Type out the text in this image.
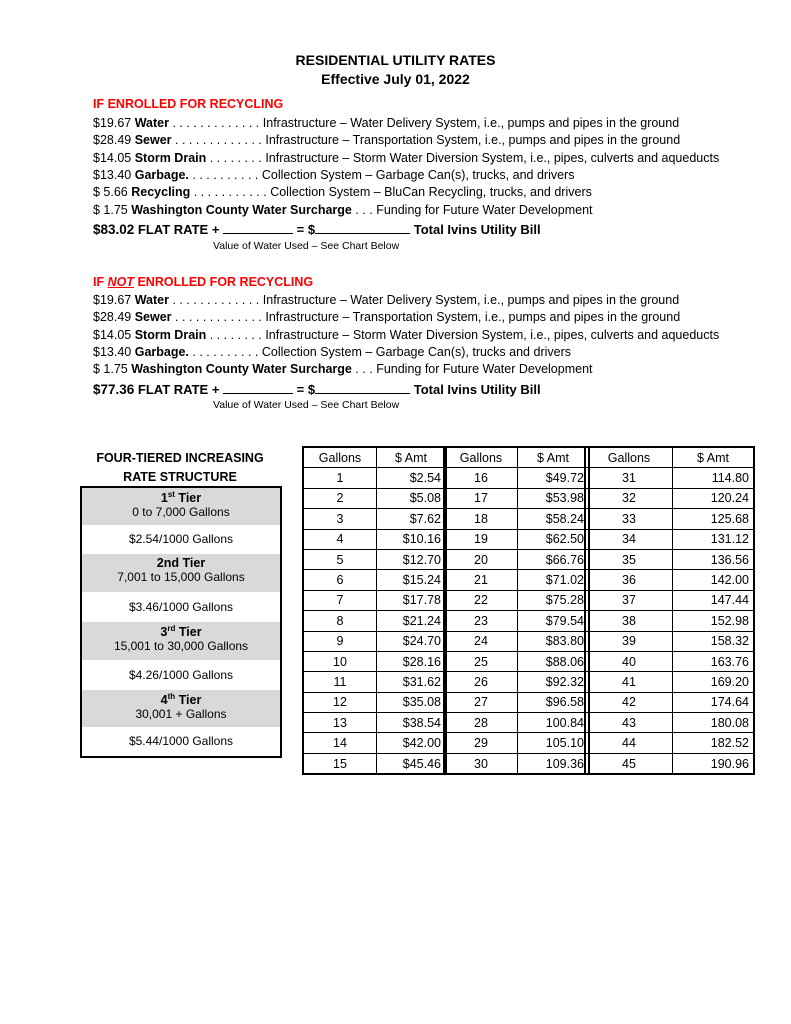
RESIDENTIAL UTILITY RATES
Effective July 01, 2022
IF ENROLLED FOR RECYCLING
$19.67 Water . . . . . . . . . . . . . Infrastructure – Water Delivery System, i.e., pumps and pipes in the ground
$28.49 Sewer . . . . . . . . . . . . . Infrastructure – Transportation System, i.e., pumps and pipes in the ground
$14.05 Storm Drain . . . . . . . . Infrastructure – Storm Water Diversion System, i.e., pipes, culverts and aqueducts
$13.40 Garbage. . . . . . . . . . . Collection System – Garbage Can(s), trucks, and drivers
$ 5.66 Recycling . . . . . . . . . . . Collection System – BluCan Recycling, trucks, and drivers
$ 1.75 Washington County Water Surcharge . . . Funding for Future Water Development
$83.02 FLAT RATE +	= $	Total Ivins Utility Bill
Value of Water Used – See Chart Below
IF NOT ENROLLED FOR RECYCLING
$19.67 Water . . . . . . . . . . . . . Infrastructure – Water Delivery System, i.e., pumps and pipes in the ground
$28.49 Sewer . . . . . . . . . . . . . Infrastructure – Transportation System, i.e., pumps and pipes in the ground
$14.05 Storm Drain . . . . . . . . Infrastructure – Storm Water Diversion System, i.e., pipes, culverts and aqueducts
$13.40 Garbage. . . . . . . . . . . Collection System – Garbage Can(s), trucks and drivers
$ 1.75 Washington County Water Surcharge . . . Funding for Future Water Development
$77.36 FLAT RATE +	= $	Total Ivins Utility Bill
Value of Water Used – See Chart Below
FOUR-TIERED INCREASING
RATE STRUCTURE
1st Tier
0 to 7,000 Gallons
$2.54/1000 Gallons
2nd Tier
7,001 to 15,000 Gallons
$3.46/1000 Gallons
3rd Tier
15,001 to 30,000 Gallons
$4.26/1000 Gallons
4th Tier
30,001 + Gallons
$5.44/1000 Gallons
Gallons	$ Amt
1	$2.54
2	$5.08
3	$7.62
4	$10.16
5	$12.70
6	$15.24
7	$17.78
8	$21.24
9	$24.70
10	$28.16
11	$31.62
12	$35.08
13	$38.54
14	$42.00
15	$45.46
Gallons	$ Amt
16	$49.72
17	$53.98
18	$58.24
19	$62.50
20	$66.76
21	$71.02
22	$75.28
23	$79.54
24	$83.80
25	$88.06
26	$92.32
27	$96.58
28	100.84
29	105.10
30	109.36
Gallons	$ Amt
31	114.80
32	120.24
33	125.68
34	131.12
35	136.56
36	142.00
37	147.44
38	152.98
39	158.32
40	163.76
41	169.20
42	174.64
43	180.08
44	182.52
45	190.96
